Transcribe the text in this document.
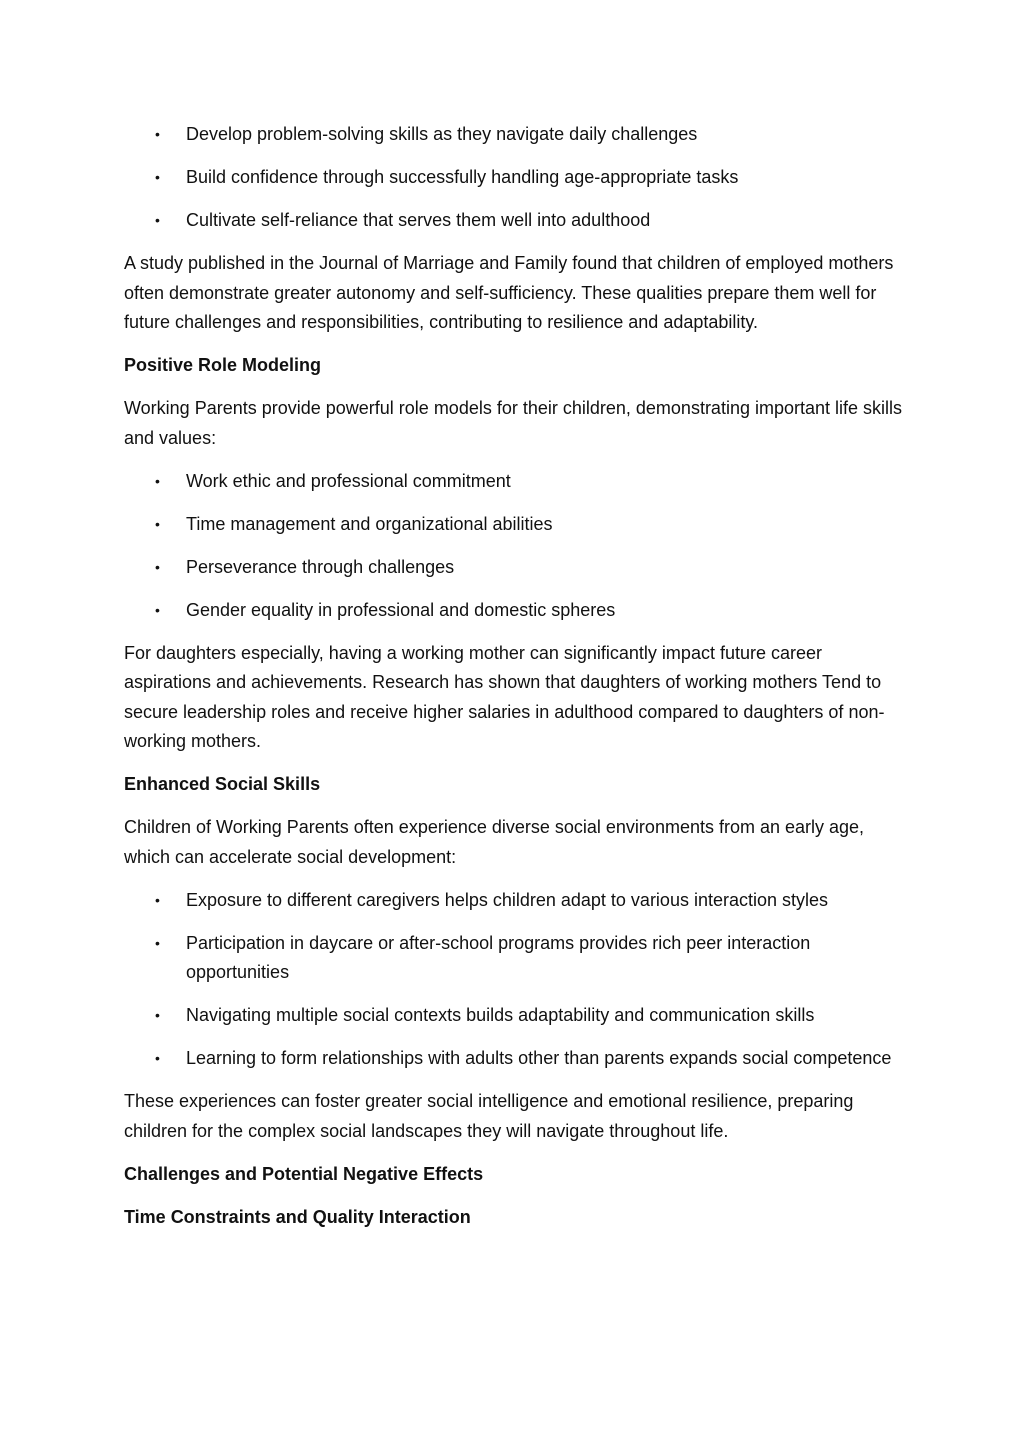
• Develop problem-solving skills as they navigate daily challenges
• Build confidence through successfully handling age-appropriate tasks
• Cultivate self-reliance that serves them well into adulthood

A study published in the Journal of Marriage and Family found that children of employed mothers often demonstrate greater autonomy and self-sufficiency. These qualities prepare them well for future challenges and responsibilities, contributing to resilience and adaptability.

Positive Role Modeling

Working Parents provide powerful role models for their children, demonstrating important life skills and values:

• Work ethic and professional commitment
• Time management and organizational abilities
• Perseverance through challenges
• Gender equality in professional and domestic spheres

For daughters especially, having a working mother can significantly impact future career aspirations and achievements. Research has shown that daughters of working mothers Tend to secure leadership roles and receive higher salaries in adulthood compared to daughters of non-working mothers.

Enhanced Social Skills

Children of Working Parents often experience diverse social environments from an early age, which can accelerate social development:

• Exposure to different caregivers helps children adapt to various interaction styles
• Participation in daycare or after-school programs provides rich peer interaction opportunities
• Navigating multiple social contexts builds adaptability and communication skills
• Learning to form relationships with adults other than parents expands social competence

These experiences can foster greater social intelligence and emotional resilience, preparing children for the complex social landscapes they will navigate throughout life.

Challenges and Potential Negative Effects

Time Constraints and Quality Interaction
